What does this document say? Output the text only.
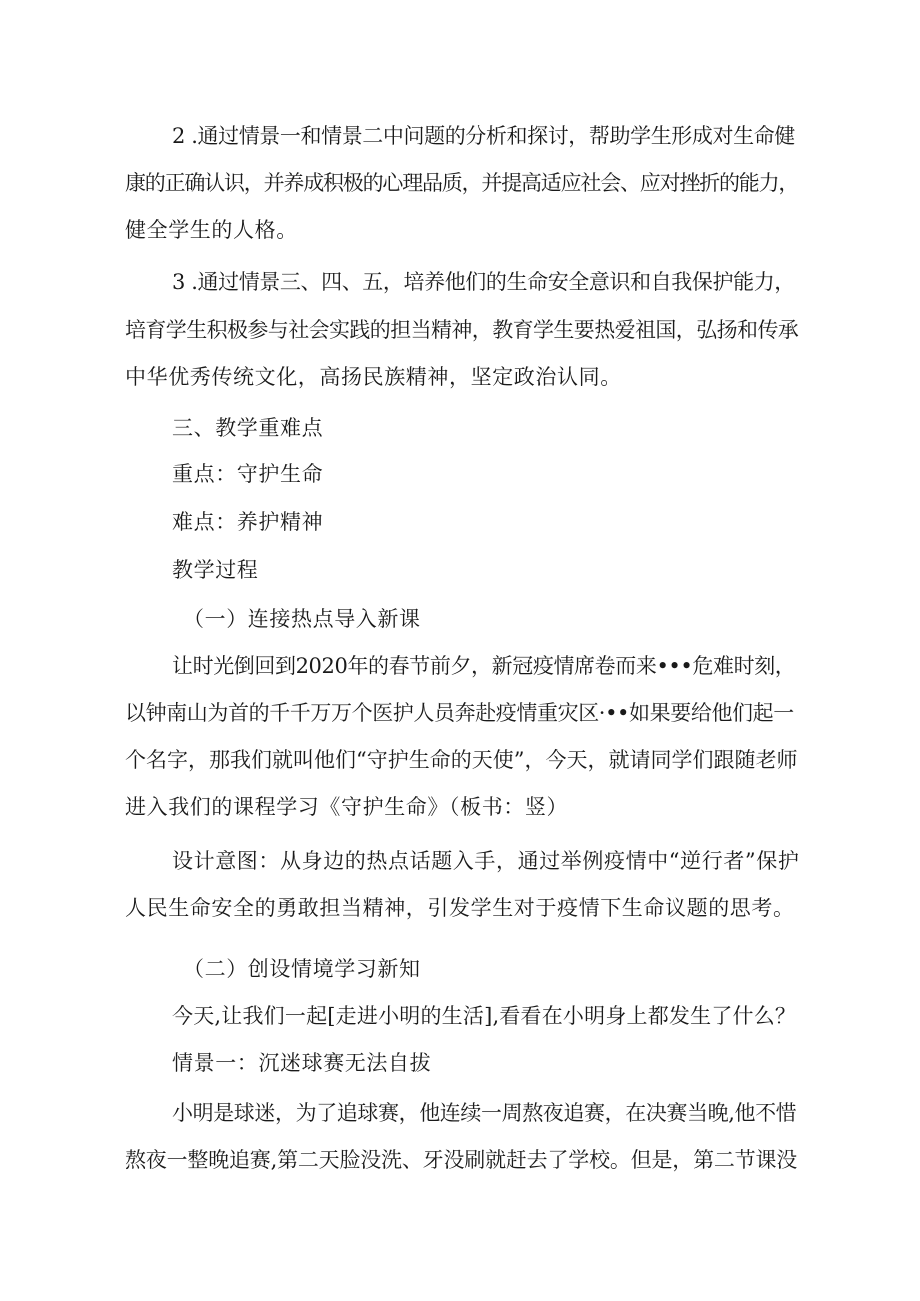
2 .通过情景一和情景二中问题的分析和探讨，帮助学生形成对生命健
康的正确认识，并养成积极的心理品质，并提高适应社会、应对挫折的能力，
健全学生的人格。
3 .通过情景三、四、五，培养他们的生命安全意识和自我保护能力，
培育学生积极参与社会实践的担当精神，教育学生要热爱祖国，弘扬和传承
中华优秀传统文化，高扬民族精神，坚定政治认同。
三、教学重难点
重点：守护生命
难点：养护精神
教学过程
（一）连接热点导入新课
让时光倒回到2020年的春节前夕，新冠疫情席卷而来•••危难时刻，
以钟南山为首的千千万万个医护人员奔赴疫情重灾区·••如果要给他们起一
个名字，那我们就叫他们“守护生命的天使”，今天，就请同学们跟随老师
进入我们的课程学习《守护生命》（板书：竖）
设计意图：从身边的热点话题入手，通过举例疫情中“逆行者”保护
人民生命安全的勇敢担当精神，引发学生对于疫情下生命议题的思考。
（二）创设情境学习新知
今天,让我们一起[走进小明的生活],看看在小明身上都发生了什么？
情景一：沉迷球赛无法自拔
小明是球迷，为了追球赛，他连续一周熬夜追赛，在决赛当晚,他不惜
熬夜一整晚追赛,第二天脸没洗、牙没刷就赶去了学校。但是，第二节课没
